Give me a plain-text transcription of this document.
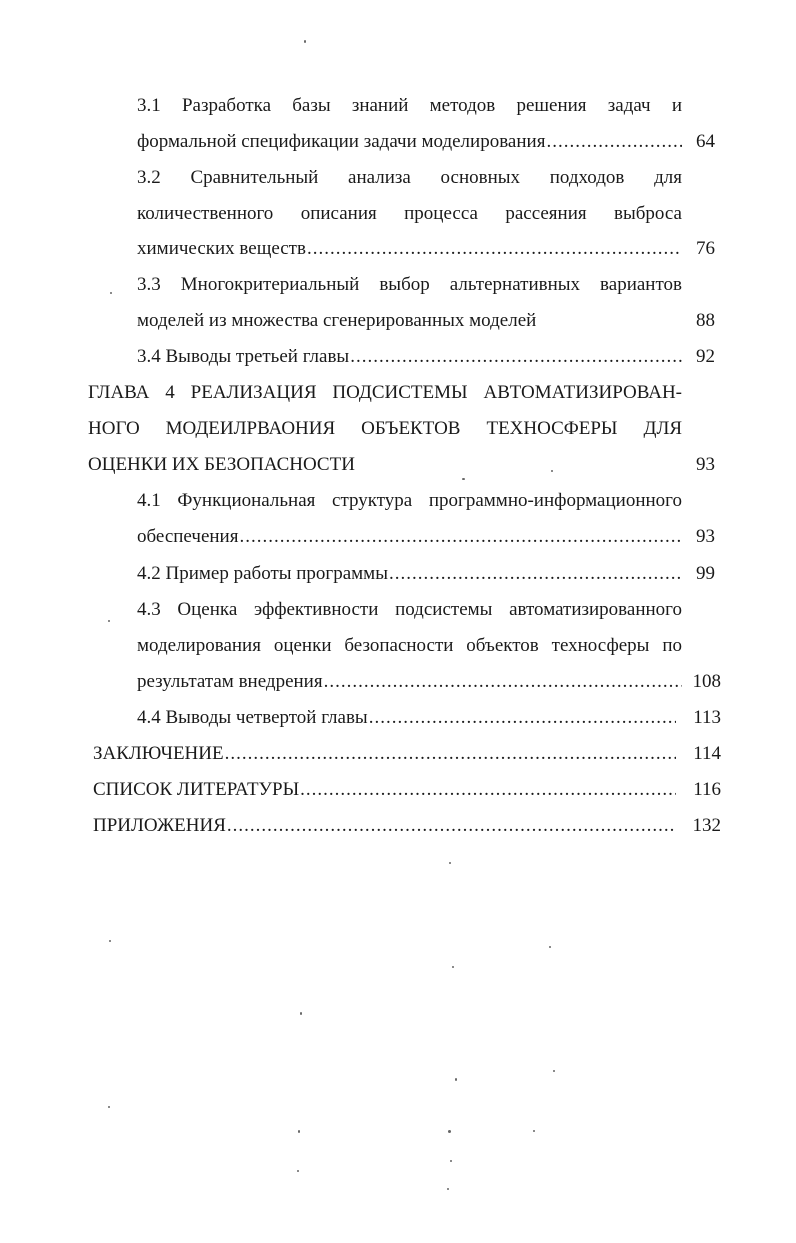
3.1 Разработка базы знаний методов решения задач и
формальной спецификации задачи моделирования .....	64
3.2 Сравнительный анализа основных подходов для
количественного описания процесса рассеяния выброса
химических веществ .....	76
3.3 Многокритериальный выбор альтернативных вариантов
моделей из множества сгенерированных моделей	88
3.4 Выводы третьей главы .....	92
ГЛАВА 4 РЕАЛИЗАЦИЯ ПОДСИСТЕМЫ АВТОМАТИЗИРОВАН-
НОГО МОДЕИЛРВАОНИЯ ОБЪЕКТОВ ТЕХНОСФЕРЫ ДЛЯ
ОЦЕНКИ ИХ БЕЗОПАСНОСТИ	93
4.1 Функциональная структура программно-информационного
обеспечения .....	93
4.2 Пример работы программы .....	99
4.3 Оценка эффективности подсистемы автоматизированного
моделирования оценки безопасности объектов техносферы по
результатам внедрения .....	108
4.4 Выводы четвертой главы .....	113
ЗАКЛЮЧЕНИЕ .....	114
СПИСОК ЛИТЕРАТУРЫ .....	116
ПРИЛОЖЕНИЯ .....	132
